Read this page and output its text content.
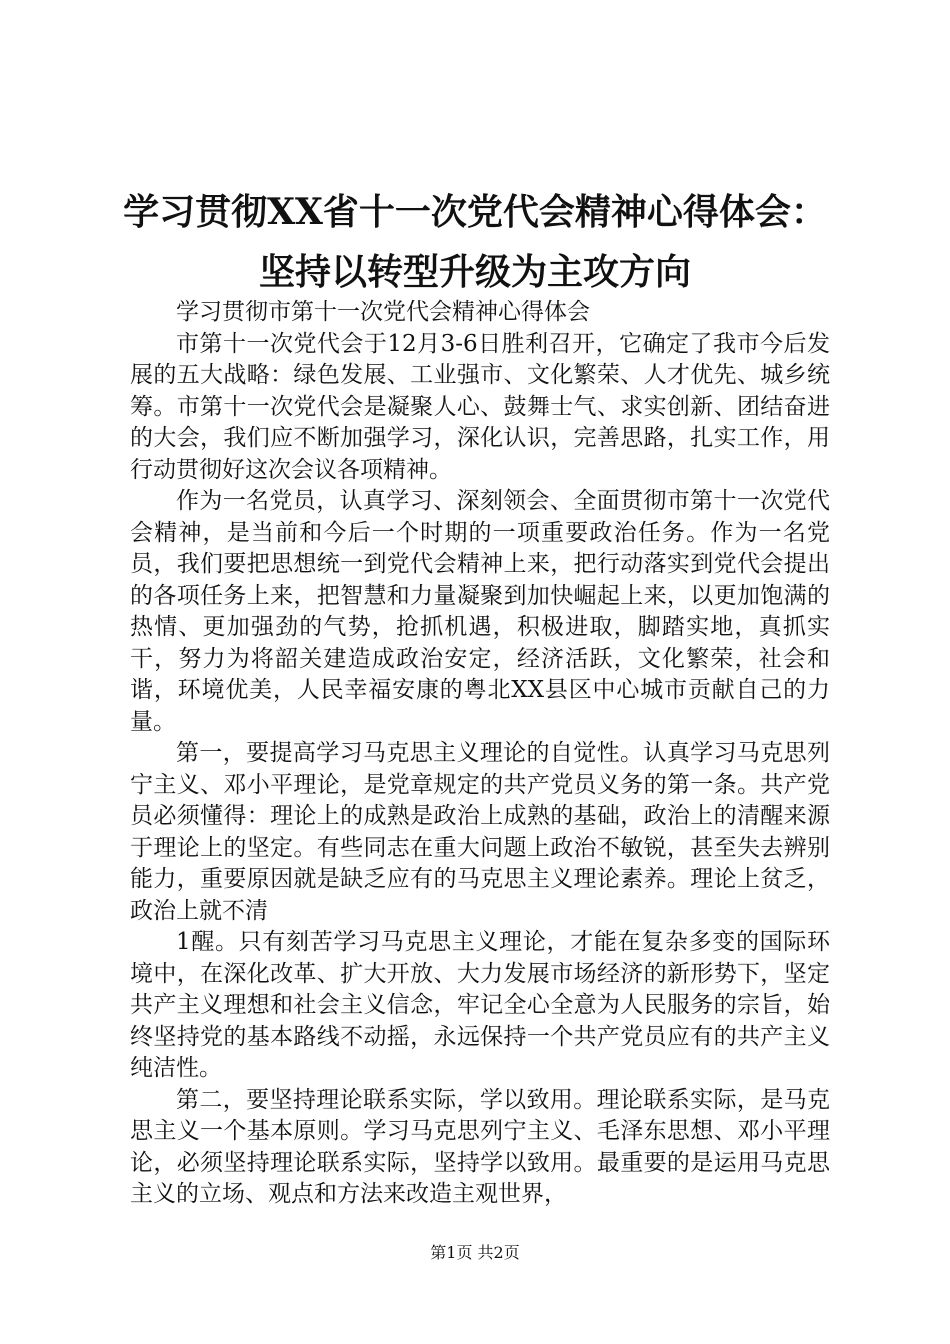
学习贯彻XX省十一次党代会精神心得体会：
坚持以转型升级为主攻方向

学习贯彻市第十一次党代会精神心得体会

市第十一次党代会于12月3-6日胜利召开，它确定了我市今后发展的五大战略：绿色发展、工业强市、文化繁荣、人才优先、城乡统筹。市第十一次党代会是凝聚人心、鼓舞士气、求实创新、团结奋进的大会，我们应不断加强学习，深化认识，完善思路，扎实工作，用行动贯彻好这次会议各项精神。

作为一名党员，认真学习、深刻领会、全面贯彻市第十一次党代会精神，是当前和今后一个时期的一项重要政治任务。作为一名党员，我们要把思想统一到党代会精神上来，把行动落实到党代会提出的各项任务上来，把智慧和力量凝聚到加快崛起上来，以更加饱满的热情、更加强劲的气势，抢抓机遇，积极进取，脚踏实地，真抓实干，努力为将韶关建造成政治安定，经济活跃，文化繁荣，社会和谐，环境优美，人民幸福安康的粤北XX县区中心城市贡献自己的力量。

第一，要提高学习马克思主义理论的自觉性。认真学习马克思列宁主义、邓小平理论，是党章规定的共产党员义务的第一条。共产党员必须懂得：理论上的成熟是政治上成熟的基础，政治上的清醒来源于理论上的坚定。有些同志在重大问题上政治不敏锐，甚至失去辨别能力，重要原因就是缺乏应有的马克思主义理论素养。理论上贫乏，政治上就不清

1醒。只有刻苦学习马克思主义理论，才能在复杂多变的国际环境中，在深化改革、扩大开放、大力发展市场经济的新形势下，坚定共产主义理想和社会主义信念，牢记全心全意为人民服务的宗旨，始终坚持党的基本路线不动摇，永远保持一个共产党员应有的共产主义纯洁性。

第二，要坚持理论联系实际，学以致用。理论联系实际，是马克思主义一个基本原则。学习马克思列宁主义、毛泽东思想、邓小平理论，必须坚持理论联系实际，坚持学以致用。最重要的是运用马克思主义的立场、观点和方法来改造主观世界，

第1页 共2页
